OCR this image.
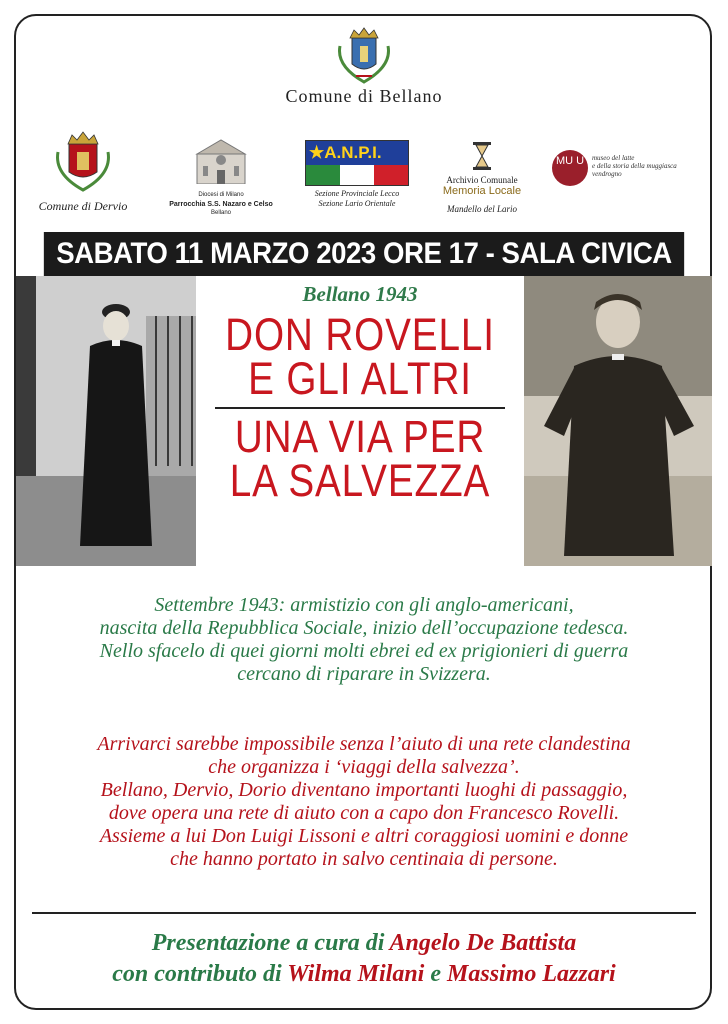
Comune di Bellano
Comune di Dervio
Diocesi di Milano
Parrocchia S.S. Nazaro e Celso
Bellano
★A.N.P.I.
Sezione Provinciale Lecco
Sezione Lario Orientale
Archivio Comunale
Memoria Locale
Mandello del Lario
MU U	museo del latte
e della storia della muggiasca
vendrogno
SABATO 11 MARZO 2023 ORE 17 - SALA CIVICA
Bellano 1943
DON ROVELLI
E GLI ALTRI
UNA VIA PER
LA SALVEZZA
Settembre 1943: armistizio con gli anglo-americani,
nascita della Repubblica Sociale, inizio dell’occupazione tedesca.
Nello sfacelo di quei giorni molti ebrei ed ex prigionieri di guerra
cercano di riparare in Svizzera.
Arrivarci sarebbe impossibile senza l’aiuto di una rete clandestina
che organizza i ‘viaggi della salvezza’.
Bellano, Dervio, Dorio diventano importanti luoghi di passaggio,
dove opera una rete di aiuto con a capo don Francesco Rovelli.
Assieme a lui Don Luigi Lissoni e altri coraggiosi uomini e donne
che hanno portato in salvo centinaia di persone.
Presentazione a cura di Angelo De Battista
con contributo di Wilma Milani e Massimo Lazzari
